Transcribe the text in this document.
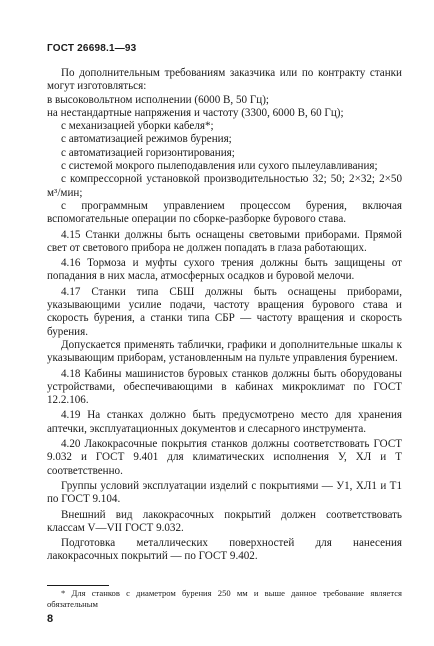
ГОСТ 26698.1—93

По дополнительным требованиям заказчика или по контракту станки могут изготовляться:

в высоковольтном исполнении (6000 В, 50 Гц);

на нестандартные напряжения и частоту (3300, 6000 В, 60 Гц);

с механизацией уборки кабеля*;

с автоматизацией режимов бурения;

с автоматизацией горизонтирования;

с системой мокрого пылеподавления или сухого пылеулавливания;

с компрессорной установкой производительностью 32; 50; 2×32; 2×50 м³/мин;

с программным управлением процессом бурения, включая вспомогательные операции по сборке-разборке бурового става.

4.15 Станки должны быть оснащены световыми приборами. Прямой свет от светового прибора не должен попадать в глаза работающих.

4.16 Тормоза и муфты сухого трения должны быть защищены от попадания в них масла, атмосферных осадков и буровой мелочи.

4.17 Станки типа СБШ должны быть оснащены приборами, указывающими усилие подачи, частоту вращения бурового става и скорость бурения, а станки типа СБР — частоту вращения и скорость бурения.

Допускается применять таблички, графики и дополнительные шкалы к указывающим приборам, установленным на пульте управления бурением.

4.18 Кабины машинистов буровых станков должны быть оборудованы устройствами, обеспечивающими в кабинах микроклимат по ГОСТ 12.2.106.

4.19 На станках должно быть предусмотрено место для хранения аптечки, эксплуатационных документов и слесарного инструмента.

4.20 Лакокрасочные покрытия станков должны соответствовать ГОСТ 9.032 и ГОСТ 9.401 для климатических исполнения У, ХЛ и Т соответственно.

Группы условий эксплуатации изделий с покрытиями — У1, ХЛ1 и Т1 по ГОСТ 9.104.

Внешний вид лакокрасочных покрытий должен соответствовать классам V—VII ГОСТ 9.032.

Подготовка металлических поверхностей для нанесения лакокрасочных покрытий — по ГОСТ 9.402.

* Для станков с диаметром бурения 250 мм и выше данное требование является обязательным
8
